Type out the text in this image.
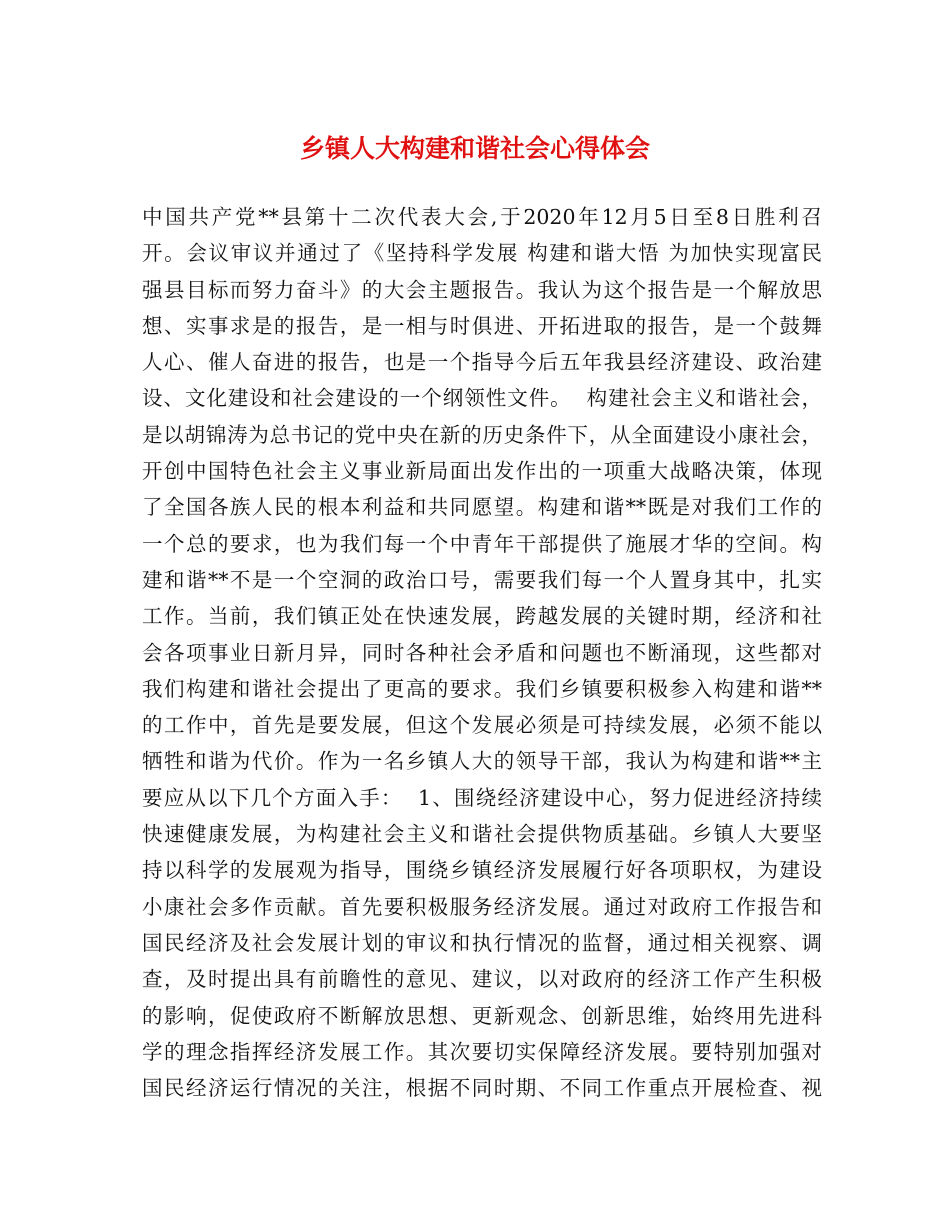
乡镇人大构建和谐社会心得体会
中国共产党**县第十二次代表大会,于2020年12月5日至8日胜利召
开。会议审议并通过了《坚持科学发展 构建和谐大悟 为加快实现富民
强县目标而努力奋斗》的大会主题报告。我认为这个报告是一个解放思
想、实事求是的报告，是一相与时俱进、开拓进取的报告，是一个鼓舞
人心、催人奋进的报告，也是一个指导今后五年我县经济建设、政治建
设、文化建设和社会建设的一个纲领性文件。  构建社会主义和谐社会，
是以胡锦涛为总书记的党中央在新的历史条件下，从全面建设小康社会，
开创中国特色社会主义事业新局面出发作出的一项重大战略决策，体现
了全国各族人民的根本利益和共同愿望。构建和谐**既是对我们工作的
一个总的要求，也为我们每一个中青年干部提供了施展才华的空间。构
建和谐**不是一个空洞的政治口号，需要我们每一个人置身其中，扎实
工作。当前，我们镇正处在快速发展，跨越发展的关键时期，经济和社
会各项事业日新月异，同时各种社会矛盾和问题也不断涌现，这些都对
我们构建和谐社会提出了更高的要求。我们乡镇要积极参入构建和谐**
的工作中，首先是要发展，但这个发展必须是可持续发展，必须不能以
牺牲和谐为代价。作为一名乡镇人大的领导干部，我认为构建和谐**主
要应从以下几个方面入手：  1、围绕经济建设中心，努力促进经济持续
快速健康发展，为构建社会主义和谐社会提供物质基础。乡镇人大要坚
持以科学的发展观为指导，围绕乡镇经济发展履行好各项职权，为建设
小康社会多作贡献。首先要积极服务经济发展。通过对政府工作报告和
国民经济及社会发展计划的审议和执行情况的监督，通过相关视察、调
查，及时提出具有前瞻性的意见、建议，以对政府的经济工作产生积极
的影响，促使政府不断解放思想、更新观念、创新思维，始终用先进科
学的理念指挥经济发展工作。其次要切实保障经济发展。要特别加强对
国民经济运行情况的关注，根据不同时期、不同工作重点开展检查、视
